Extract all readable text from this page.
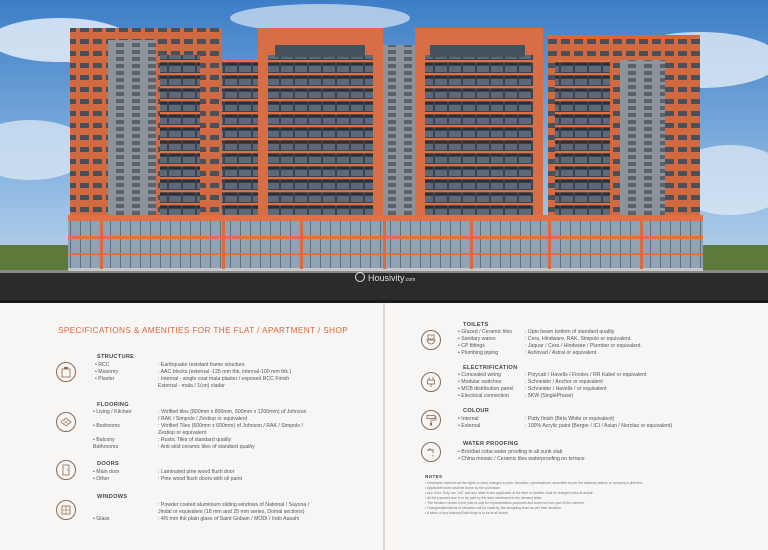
Housivity.com
SPECIFICATIONS & AMENITIES FOR THE FLAT / APARTMENT / SHOP
STRUCTURE
• RCC	: Earthquake resistant frame structure
• Masonry	: AAC blocks (external -125 mm thk, internal-100 mm thk.)
• Plaster	: Internal - single coat mala plaster / exposed RCC Finish
External - mala / 1(on) cladar
FLOORING
• Living / Kitchen	: Vitrified tiles (800mm x 800mm, 600mm x 1200mm) of Johnson
/ RAK / Simpolo / Zestiop or equivalent
• Bedrooms	: Vitrified Tiles (600mm x 600mm) of Johnson / RAK / Simpolo /
Zestiop or equivalent
• Balcony	: Rustic Tiles of standard quality
Bathrooms	: Anti-skid ceramic tiles of standard quality
DOORS
• Main door	: Laminated pine wood flush door
• Other	: Pine wood flush doors with oil paint
WINDOWS
: Powder coated aluminium sliding windows of National / Sayona /
Jindal or equivalent (18 mm and 25 mm series, Domal sections)
• Glass	: 4/5 mm thk plain glass of Saint Gobain / MODI / Indo Aasahi
TOILETS
• Glazed / Ceramic tiles	: Upto beam bottom of standard quality
• Sanitary wares	: Cera, Hindware, RAK, Simpolo or equivalent.
• CP fittings	: Jaquar / Cera / Hindware / Plumber or equivalent.
• Plumbing piping	: Ashirvad / Astral or equivalent.
ELECTRIFICATION
• Concealed wiring	: Polycab / Havells / Finolex / RR Kabel or equivalent
• Modular switches	: Schneider / Anchor or equivalent
• MCB distribution panel : Schneider / Havells / or equivalent
• Electrical connection	: 5KW (SinglePhase)
COLOUR
• Internal	: Putty finish (Birla White or equivalent)
• External	: 100% Acrylic paint (Berger / ICI / Asian / Nerolac or equivalent)
WATER PROOFING
• Brickbat coba water proofing in all sunk slab
• China mosaic / Ceramic tiles waterproofing on terrace
NOTES
• Developer reserves all the rights to carry changes to plan, elevation, specifications, amenities as per the statutory advice or company's direction.
• Applicable taxes shall be borne by the purchaser.
• Any Govt. Duty, tax, VAT and any other levies applicable at the time of transfer shall be charged extra at actual.
• All the payment due is to be paid by the date mentioned in the demand letter.
• The furniture shown in the plan is only for representation purposes and does not form part of the scheme.
• Changes/alterations of elevation will be made by the designing team as per their decision.
• 8 sides of any balcony/Sold fringe is to be at all levels.
